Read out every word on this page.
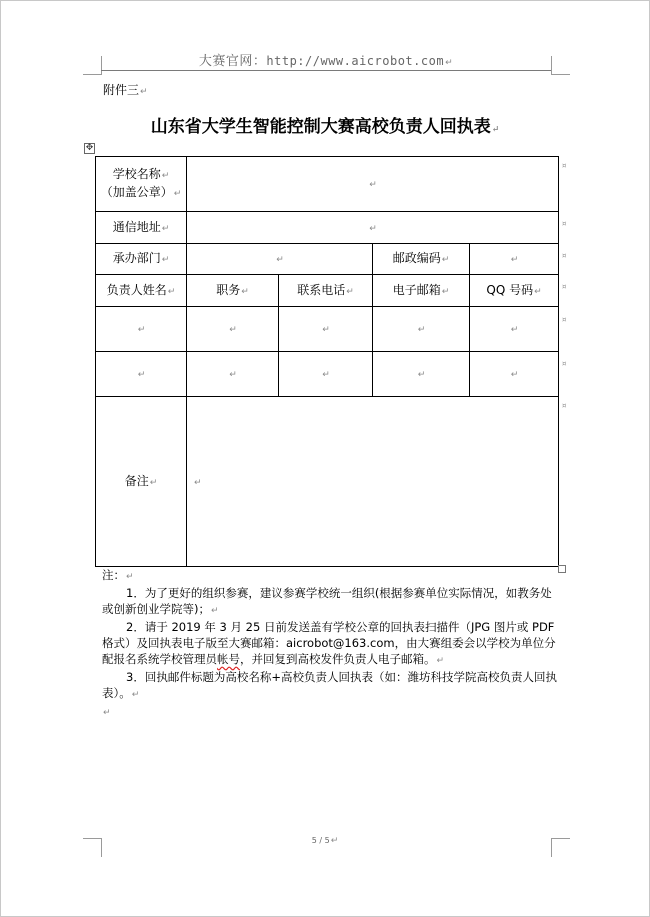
大赛官网：http://www.aicrobot.com↵
附件三↵
山东省大学生智能控制大赛高校负责人回执表↵
✥
学校名称↵
（加盖公章）↵	↵			
通信地址↵	↵			
承办部门↵	↵		邮政编码↵	↵
负责人姓名↵	职务↵	联系电话↵	电子邮箱↵	QQ 号码↵
↵	↵	↵	↵	↵
↵	↵	↵	↵	↵
备注↵	↵			
¤
¤
¤
¤
¤
¤
¤

注：↵

1．为了更好的组织参赛，建议参赛学校统一组织(根据参赛单位实际情况，如教务处或创新创业学院等)；↵

2．请于 2019 年 3 月 25 日前发送盖有学校公章的回执表扫描件（JPG 图片或 PDF 格式）及回执表电子版至大赛邮箱：aicrobot@163.com，由大赛组委会以学校为单位分配报名系统学校管理员帐号，并回复到高校发件负责人电子邮箱。↵

3．回执邮件标题为高校名称+高校负责人回执表（如：潍坊科技学院高校负责人回执表）。↵

↵

5 / 5↵
